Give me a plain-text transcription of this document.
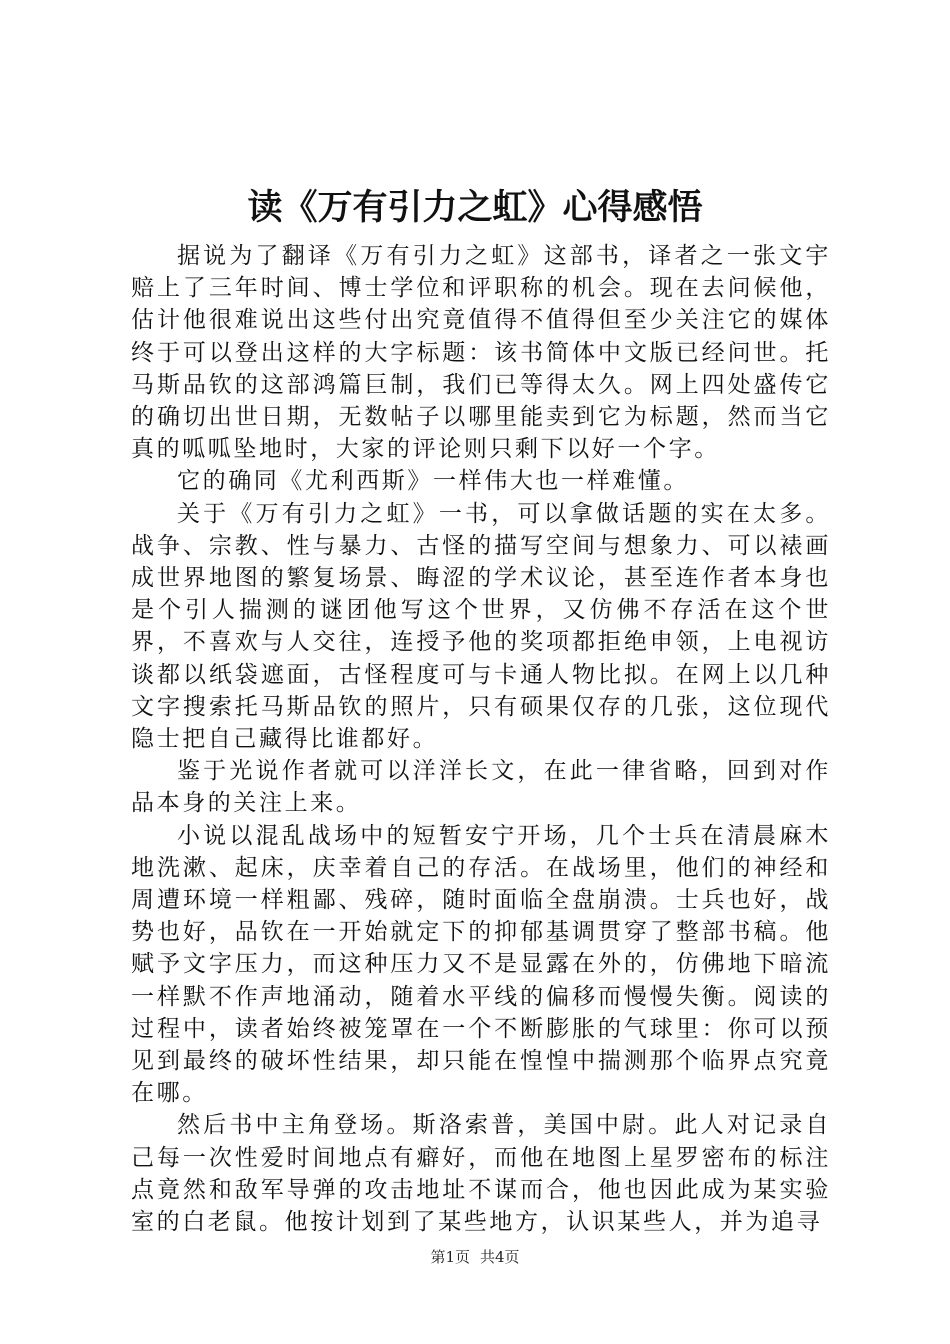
读《万有引力之虹》心得感悟

据说为了翻译《万有引力之虹》这部书，译者之一张文宇赔上了三年时间、博士学位和评职称的机会。现在去问候他，估计他很难说出这些付出究竟值得不值得但至少关注它的媒体终于可以登出这样的大字标题：该书简体中文版已经问世。托马斯品钦的这部鸿篇巨制，我们已等得太久。网上四处盛传它的确切出世日期，无数帖子以哪里能卖到它为标题，然而当它真的呱呱坠地时，大家的评论则只剩下以好一个字。

它的确同《尤利西斯》一样伟大也一样难懂。

关于《万有引力之虹》一书，可以拿做话题的实在太多。战争、宗教、性与暴力、古怪的描写空间与想象力、可以裱画成世界地图的繁复场景、晦涩的学术议论，甚至连作者本身也是个引人揣测的谜团他写这个世界，又仿佛不存活在这个世界，不喜欢与人交往，连授予他的奖项都拒绝申领，上电视访谈都以纸袋遮面，古怪程度可与卡通人物比拟。在网上以几种文字搜索托马斯品钦的照片，只有硕果仅存的几张，这位现代隐士把自己藏得比谁都好。

鉴于光说作者就可以洋洋长文，在此一律省略，回到对作品本身的关注上来。

小说以混乱战场中的短暂安宁开场，几个士兵在清晨麻木地洗漱、起床，庆幸着自己的存活。在战场里，他们的神经和周遭环境一样粗鄙、残碎，随时面临全盘崩溃。士兵也好，战势也好，品钦在一开始就定下的抑郁基调贯穿了整部书稿。他赋予文字压力，而这种压力又不是显露在外的，仿佛地下暗流一样默不作声地涌动，随着水平线的偏移而慢慢失衡。阅读的过程中，读者始终被笼罩在一个不断膨胀的气球里：你可以预见到最终的破坏性结果，却只能在惶惶中揣测那个临界点究竟在哪。

然后书中主角登场。斯洛索普，美国中尉。此人对记录自己每一次性爱时间地点有癖好，而他在地图上星罗密布的标注点竟然和敌军导弹的攻击地址不谋而合，他也因此成为某实验室的白老鼠。他按计划到了某些地方，认识某些人，并为追寻

第1页 共4页
